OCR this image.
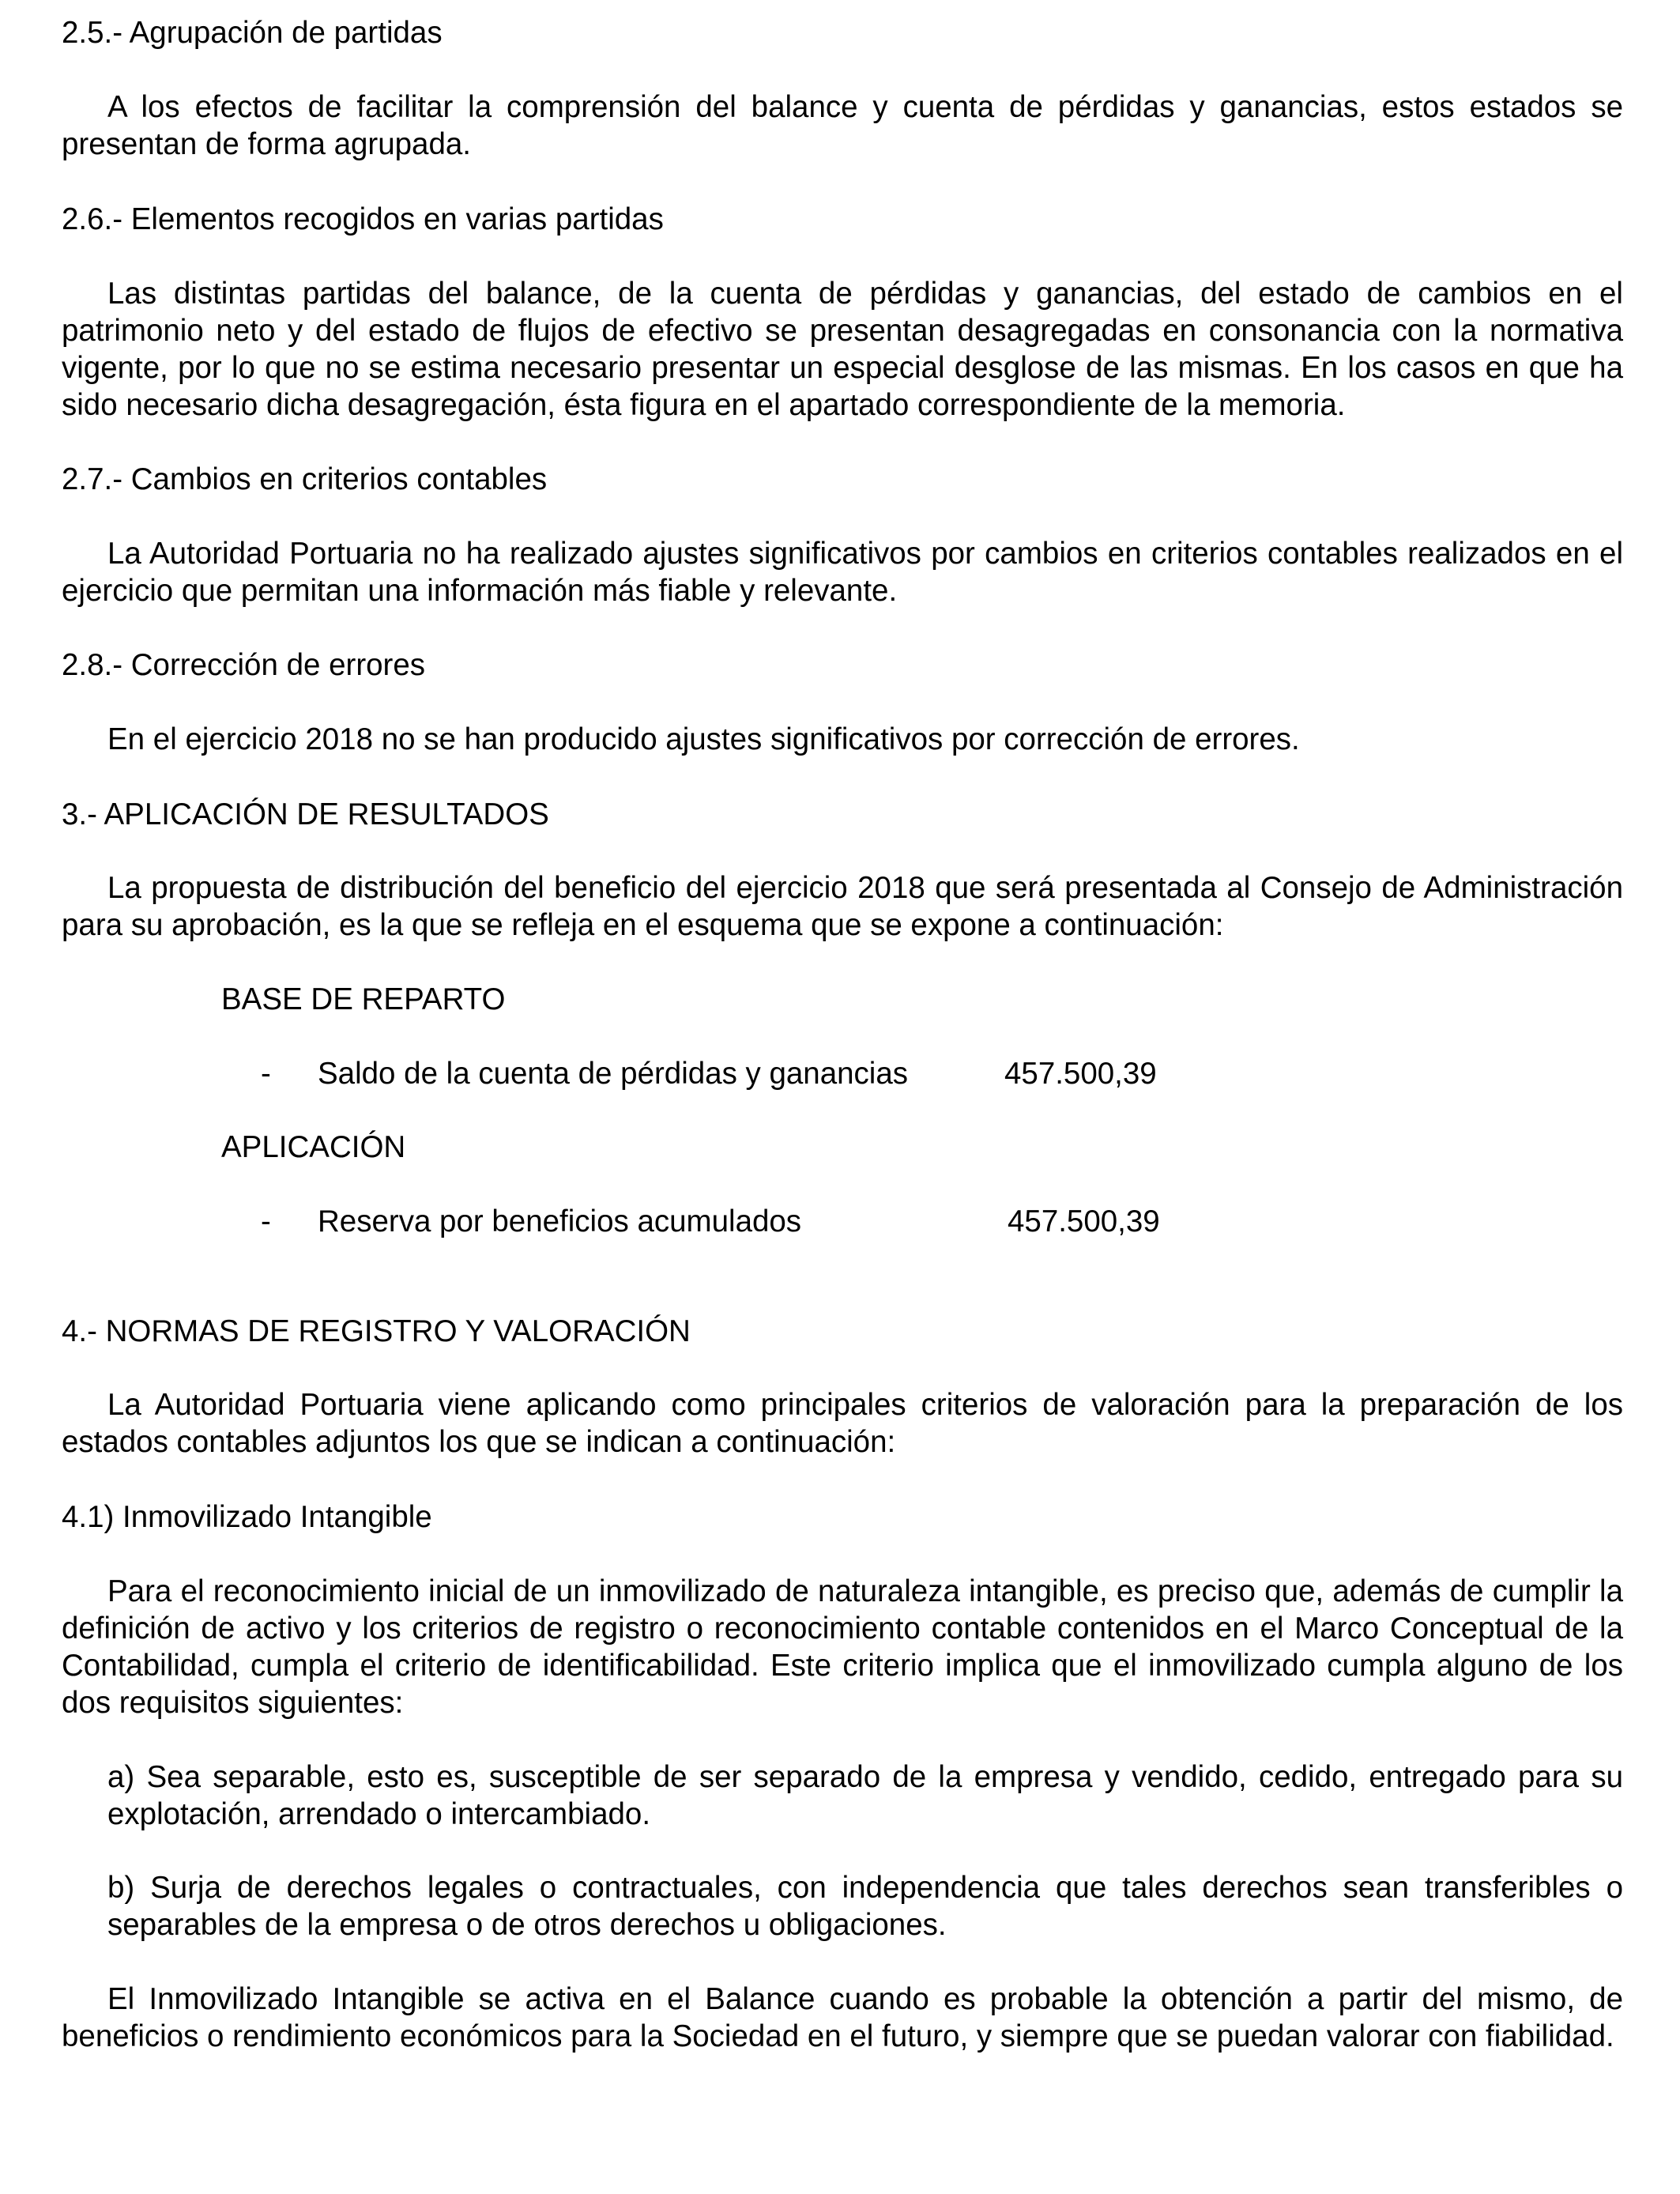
2.5.- Agrupación de partidas

A los efectos de facilitar la comprensión del balance y cuenta de pérdidas y ganancias, estos estados se presentan de forma agrupada.

2.6.- Elementos recogidos en varias partidas

Las distintas partidas del balance, de la cuenta de pérdidas y ganancias, del estado de cambios en el patrimonio neto y del estado de flujos de efectivo se presentan desagregadas en consonancia con la normativa vigente, por lo que no se estima necesario presentar un especial desglose de las mismas. En los casos en que ha sido necesario dicha desagregación, ésta figura en el apartado correspondiente de la memoria.

2.7.- Cambios en criterios contables

La Autoridad Portuaria no ha realizado ajustes significativos por cambios en criterios contables realizados en el ejercicio que permitan una información más fiable y relevante.

2.8.- Corrección de errores

En el ejercicio 2018 no se han producido ajustes significativos por corrección de errores.

3.- APLICACIÓN DE RESULTADOS

La propuesta de distribución del beneficio del ejercicio 2018 que será presentada al Consejo de Administración para su aprobación, es la que se refleja en el esquema que se expone a continuación:

BASE DE REPARTO
- Saldo de la cuenta de pérdidas y ganancias	457.500,39
APLICACIÓN
- Reserva por beneficios acumulados	457.500,39
4.- NORMAS DE REGISTRO Y VALORACIÓN

La Autoridad Portuaria viene aplicando como principales criterios de valoración para la preparación de los estados contables adjuntos los que se indican a continuación:

4.1) Inmovilizado Intangible

Para el reconocimiento inicial de un inmovilizado de naturaleza intangible, es preciso que, además de cumplir la definición de activo y los criterios de registro o reconocimiento contable contenidos en el Marco Conceptual de la Contabilidad, cumpla el criterio de identificabilidad. Este criterio implica que el inmovilizado cumpla alguno de los dos requisitos siguientes:

a) Sea separable, esto es, susceptible de ser separado de la empresa y vendido, cedido, entregado para su explotación, arrendado o intercambiado.

b) Surja de derechos legales o contractuales, con independencia que tales derechos sean transferibles o separables de la empresa o de otros derechos u obligaciones.

El Inmovilizado Intangible se activa en el Balance cuando es probable la obtención a partir del mismo, de beneficios o rendimiento económicos para la Sociedad en el futuro, y siempre que se puedan valorar con fiabilidad.
